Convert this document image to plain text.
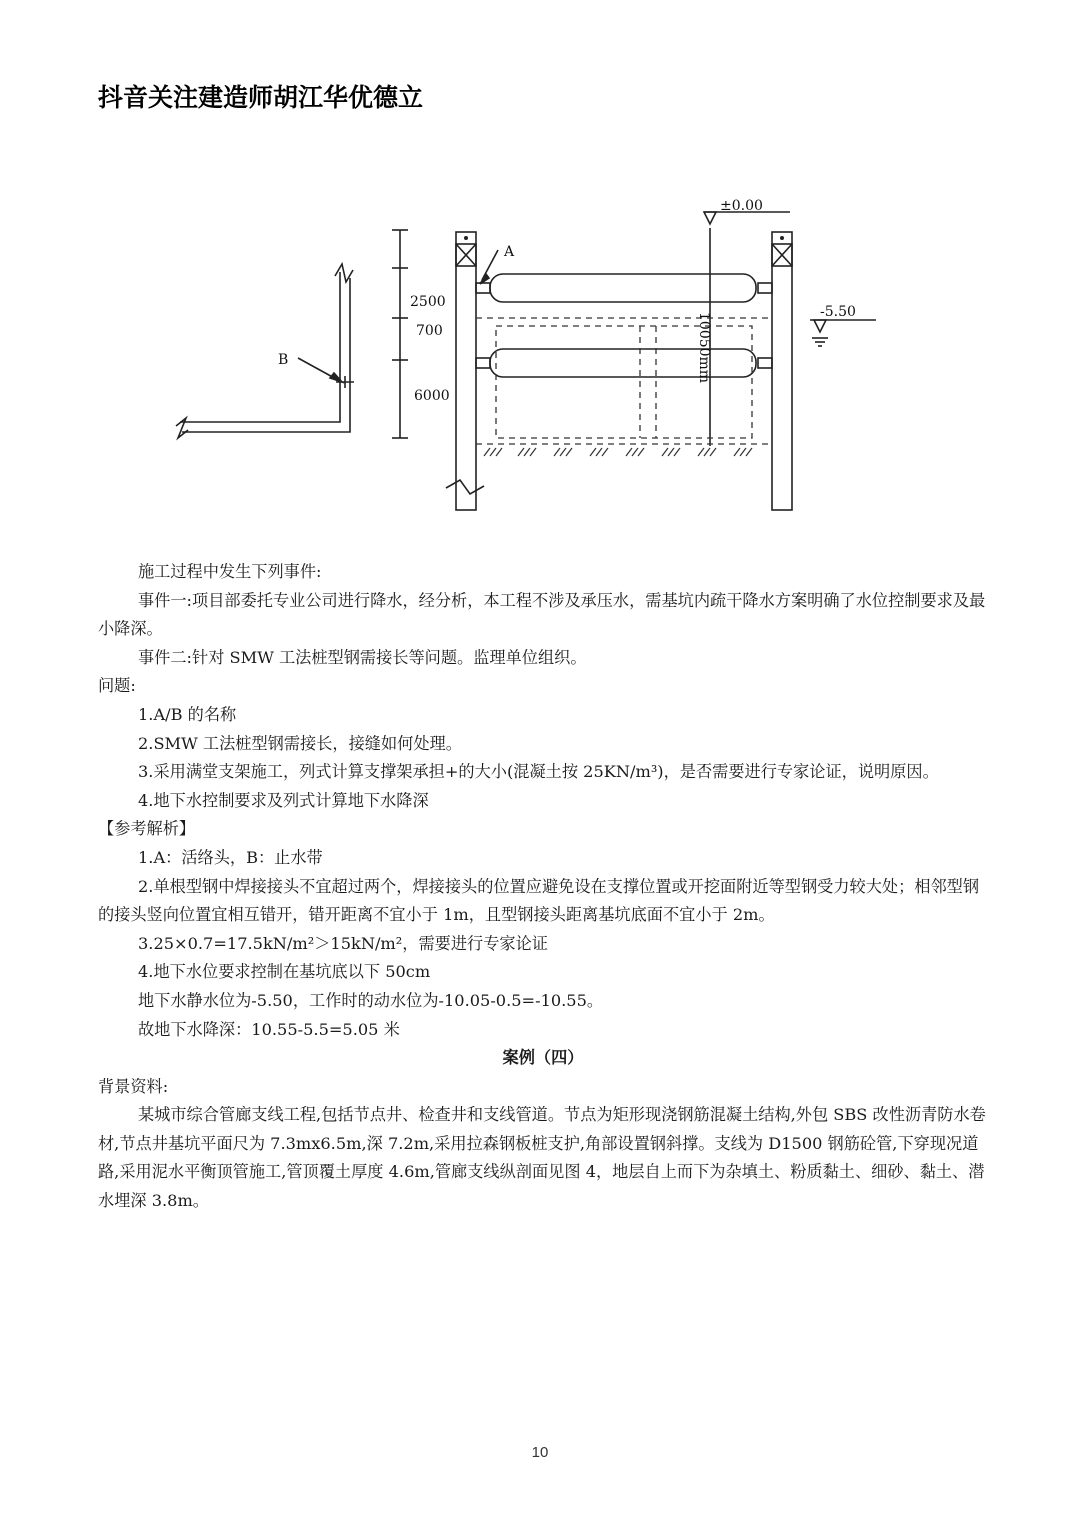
抖音关注建造师胡江华优德立
A
B
±0.00
-5.50
2500
700
6000
10050mm

施工过程中发生下列事件:

事件一:项目部委托专业公司进行降水，经分析，本工程不涉及承压水，需基坑内疏干降水方案明确了水位控制要求及最小降深。

事件二:针对 SMW 工法桩型钢需接长等问题。监理单位组织。

问题:

1.A/B 的名称

2.SMW 工法桩型钢需接长，接缝如何处理。

3.采用满堂支架施工，列式计算支撑架承担+的大小(混凝土按 25KN/m³)，是否需要进行专家论证，说明原因。

4.地下水控制要求及列式计算地下水降深

【参考解析】

1.A：活络头，B：止水带

2.单根型钢中焊接接头不宜超过两个，焊接接头的位置应避免设在支撑位置或开挖面附近等型钢受力较大处；相邻型钢的接头竖向位置宜相互错开，错开距离不宜小于 1m，且型钢接头距离基坑底面不宜小于 2m。

3.25×0.7=17.5kN/m²＞15kN/m²，需要进行专家论证

4.地下水位要求控制在基坑底以下 50cm

地下水静水位为-5.50，工作时的动水位为-10.05-0.5=-10.55。

故地下水降深：10.55-5.5=5.05 米

案例（四）

背景资料:

某城市综合管廊支线工程,包括节点井、检查井和支线管道。节点为矩形现浇钢筋混凝土结构,外包 SBS 改性沥青防水卷材,节点井基坑平面尺为 7.3mx6.5m,深 7.2m,采用拉森钢板桩支护,角部设置钢斜撑。支线为 D1500 钢筋砼管,下穿现况道路,采用泥水平衡顶管施工,管顶覆土厚度 4.6m,管廊支线纵剖面见图 4，地层自上而下为杂填土、粉质黏土、细砂、黏土、潜水埋深 3.8m。

10
